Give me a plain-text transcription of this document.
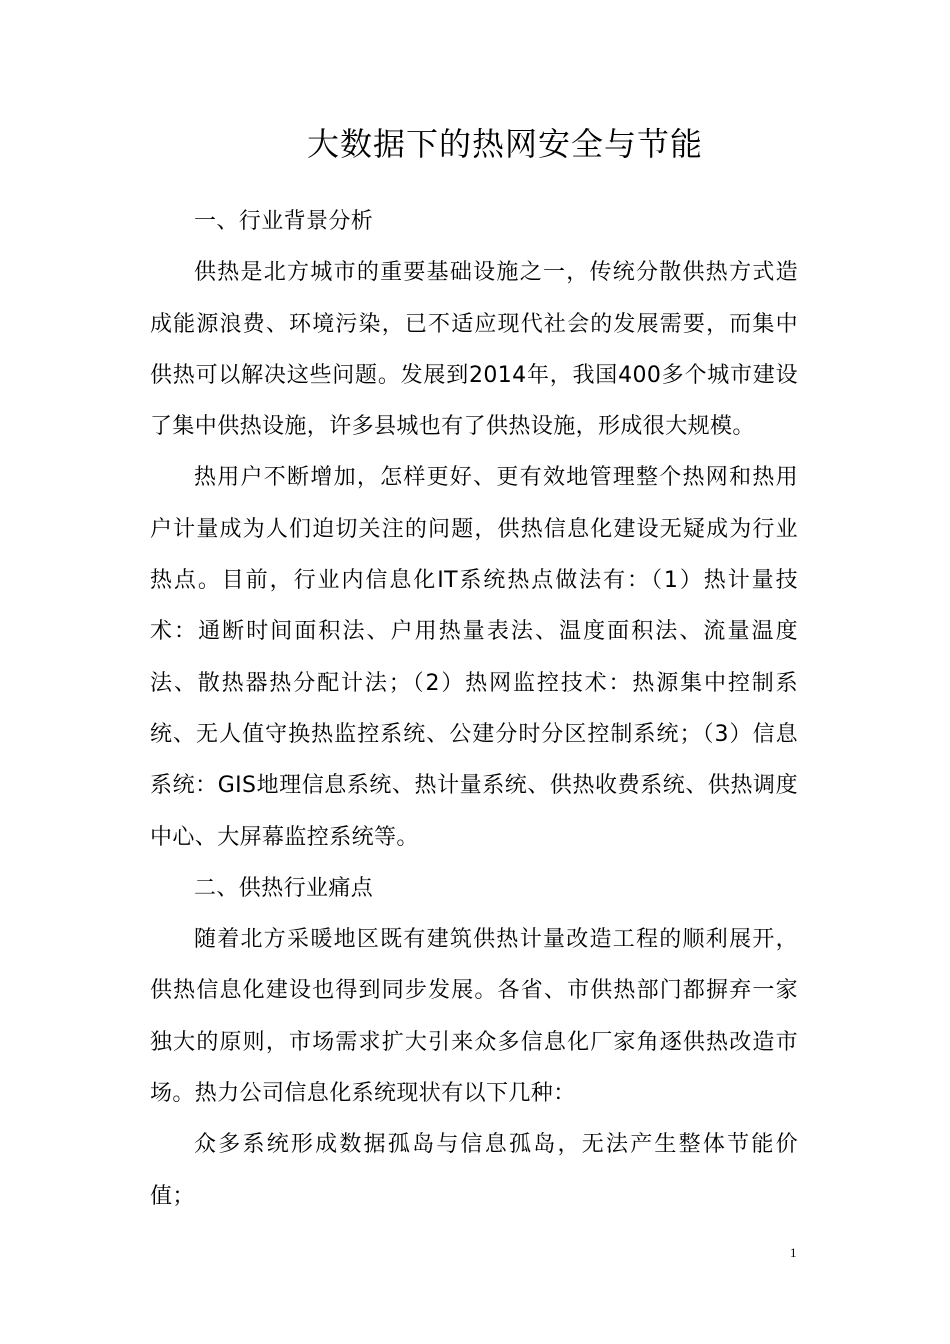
大数据下的热网安全与节能

一、行业背景分析

供热是北方城市的重要基础设施之一，传统分散供热方式造成能源浪费、环境污染，已不适应现代社会的发展需要，而集中供热可以解决这些问题。发展到2014年，我国400多个城市建设了集中供热设施，许多县城也有了供热设施，形成很大规模。

热用户不断增加，怎样更好、更有效地管理整个热网和热用户计量成为人们迫切关注的问题，供热信息化建设无疑成为行业热点。目前，行业内信息化IT系统热点做法有：（1）热计量技术：通断时间面积法、户用热量表法、温度面积法、流量温度法、散热器热分配计法；（2）热网监控技术：热源集中控制系统、无人值守换热监控系统、公建分时分区控制系统；（3）信息系统：GIS地理信息系统、热计量系统、供热收费系统、供热调度中心、大屏幕监控系统等。

二、供热行业痛点

随着北方采暖地区既有建筑供热计量改造工程的顺利展开，供热信息化建设也得到同步发展。各省、市供热部门都摒弃一家独大的原则，市场需求扩大引来众多信息化厂家角逐供热改造市场。热力公司信息化系统现状有以下几种：

众多系统形成数据孤岛与信息孤岛，无法产生整体节能价值；

1
